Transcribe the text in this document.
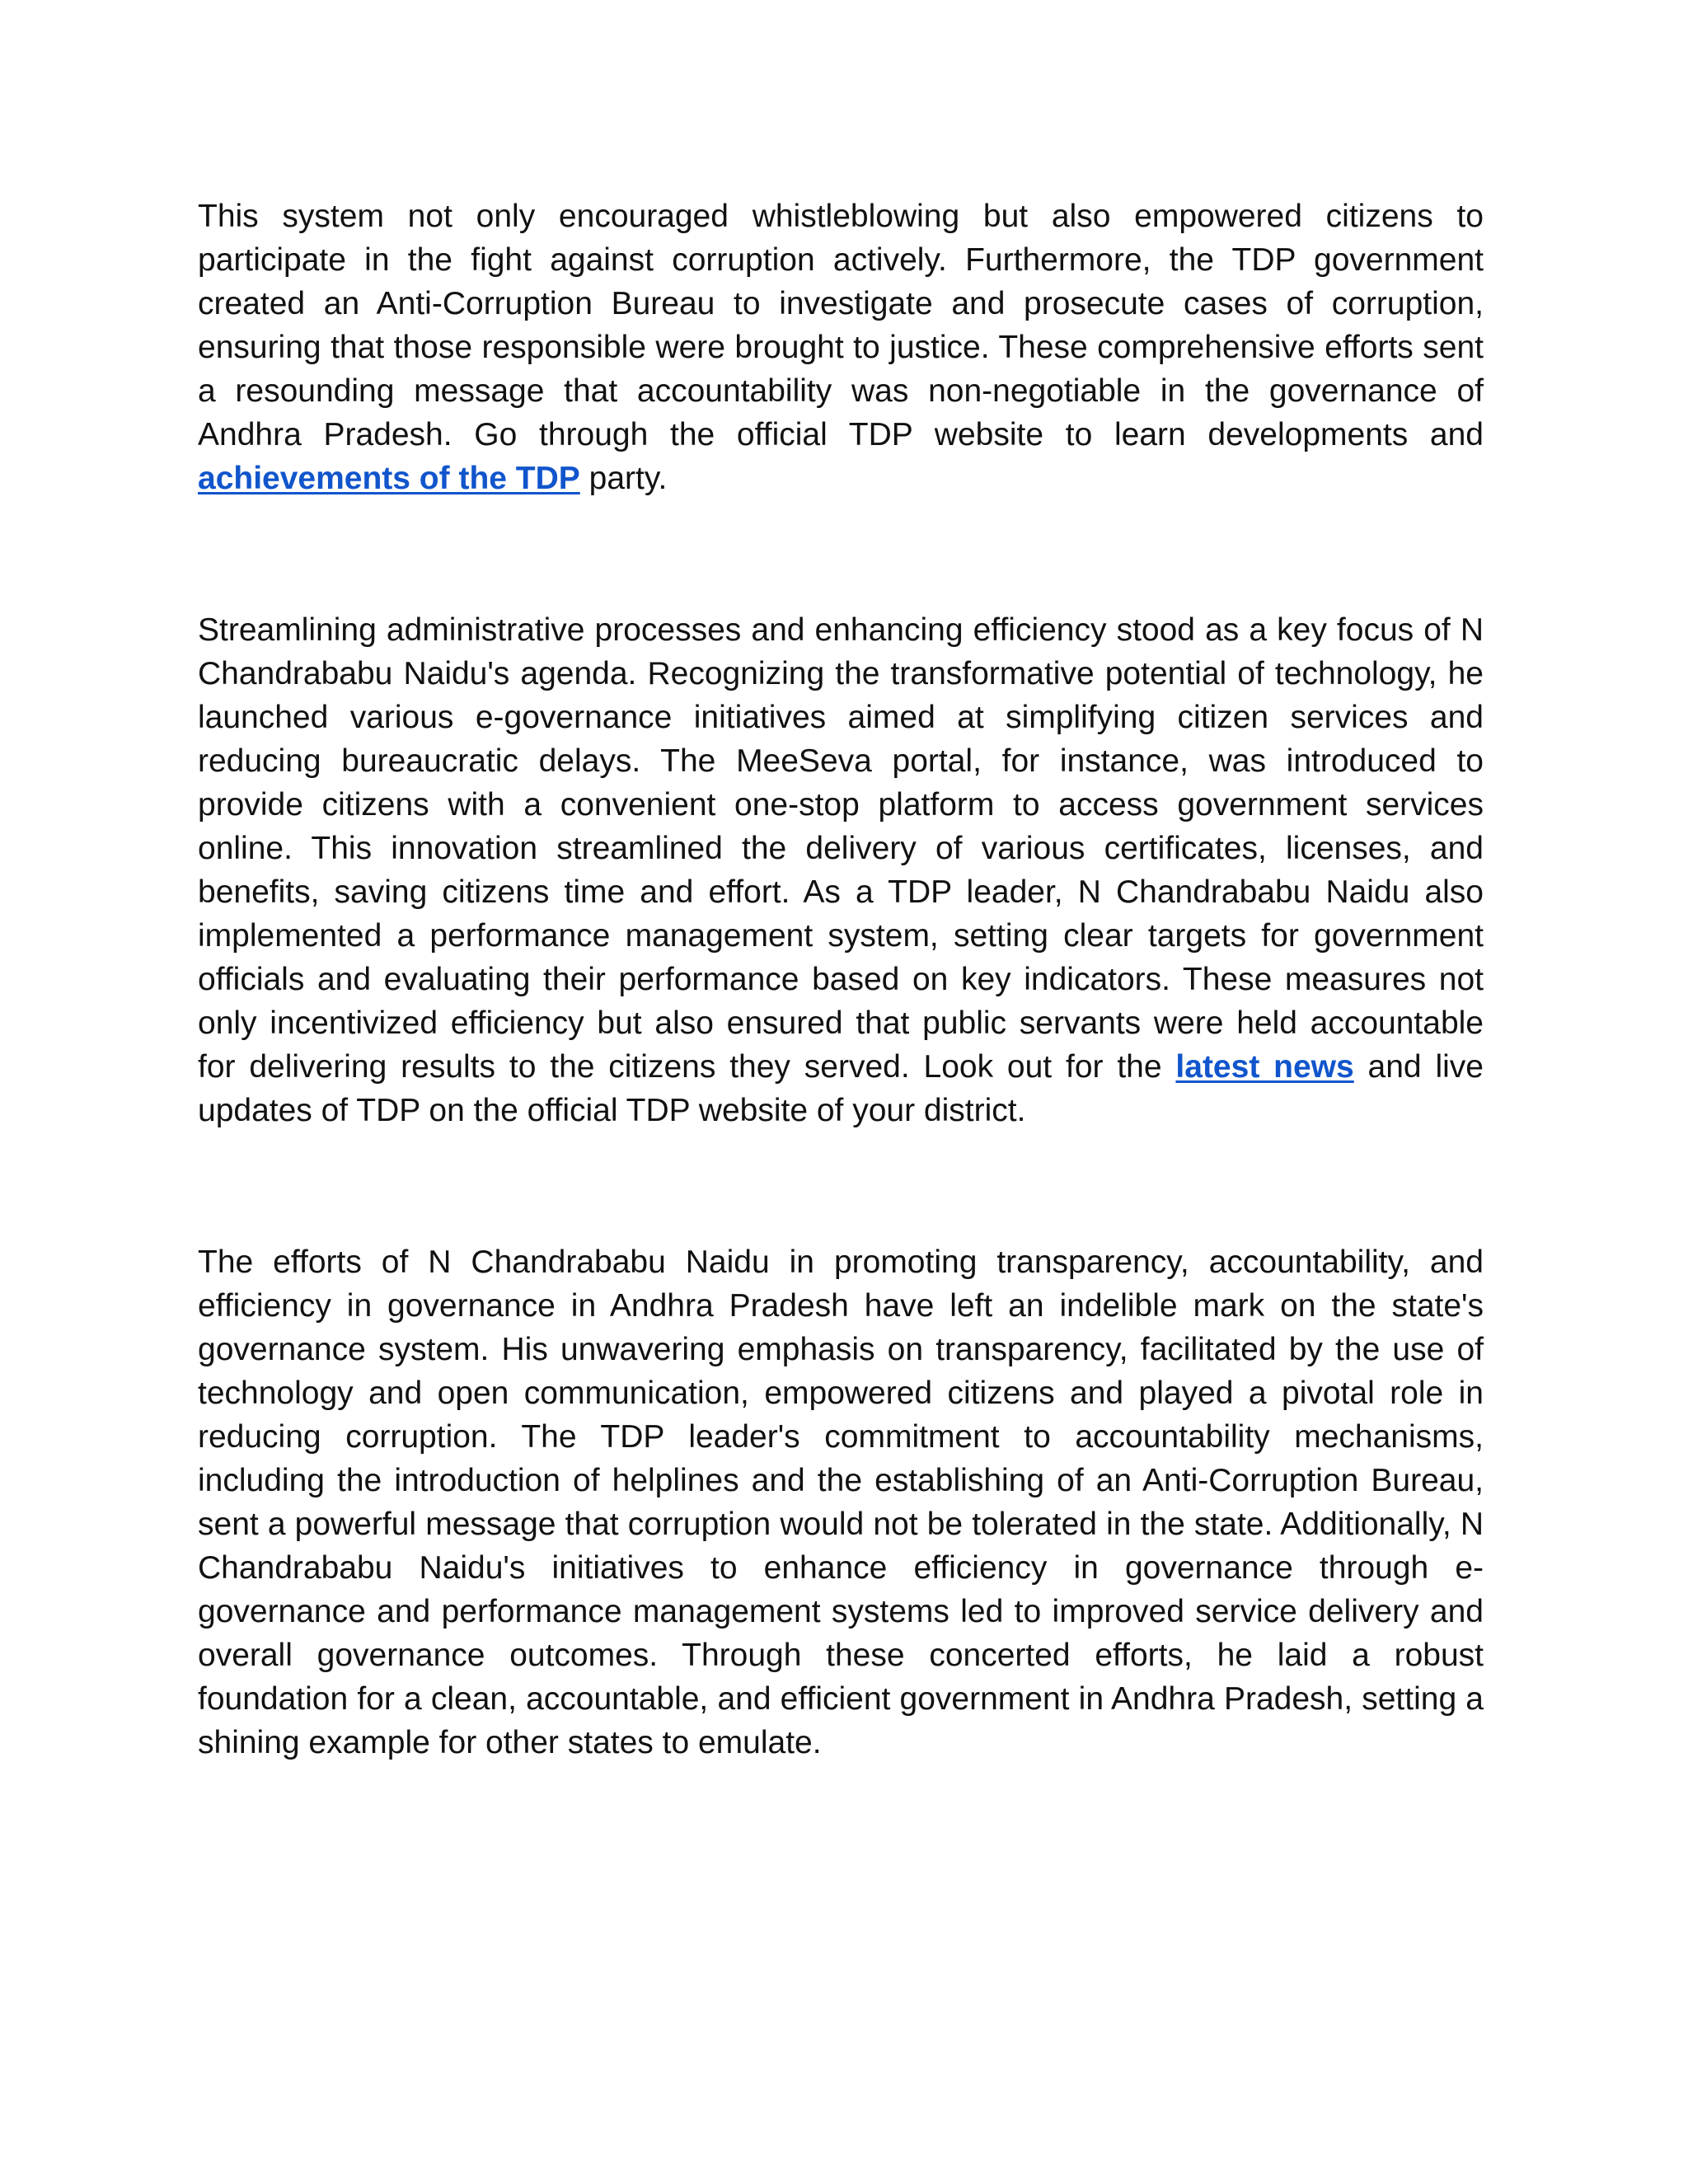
This system not only encouraged whistleblowing but also empowered citizens to participate in the fight against corruption actively. Furthermore, the TDP government created an Anti-Corruption Bureau to investigate and prosecute cases of corruption, ensuring that those responsible were brought to justice. These comprehensive efforts sent a resounding message that accountability was non-negotiable in the governance of Andhra Pradesh. Go through the official TDP website to learn developments and achievements of the TDP party.

Streamlining administrative processes and enhancing efficiency stood as a key focus of N Chandrababu Naidu's agenda. Recognizing the transformative potential of technology, he launched various e-governance initiatives aimed at simplifying citizen services and reducing bureaucratic delays. The MeeSeva portal, for instance, was introduced to provide citizens with a convenient one-stop platform to access government services online. This innovation streamlined the delivery of various certificates, licenses, and benefits, saving citizens time and effort. As a TDP leader, N Chandrababu Naidu also implemented a performance management system, setting clear targets for government officials and evaluating their performance based on key indicators. These measures not only incentivized efficiency but also ensured that public servants were held accountable for delivering results to the citizens they served. Look out for the latest news and live updates of TDP on the official TDP website of your district.

The efforts of N Chandrababu Naidu in promoting transparency, accountability, and efficiency in governance in Andhra Pradesh have left an indelible mark on the state's governance system. His unwavering emphasis on transparency, facilitated by the use of technology and open communication, empowered citizens and played a pivotal role in reducing corruption. The TDP leader's commitment to accountability mechanisms, including the introduction of helplines and the establishing of an Anti-Corruption Bureau, sent a powerful message that corruption would not be tolerated in the state. Additionally, N Chandrababu Naidu's initiatives to enhance efficiency in governance through e-governance and performance management systems led to improved service delivery and overall governance outcomes. Through these concerted efforts, he laid a robust foundation for a clean, accountable, and efficient government in Andhra Pradesh, setting a shining example for other states to emulate.
